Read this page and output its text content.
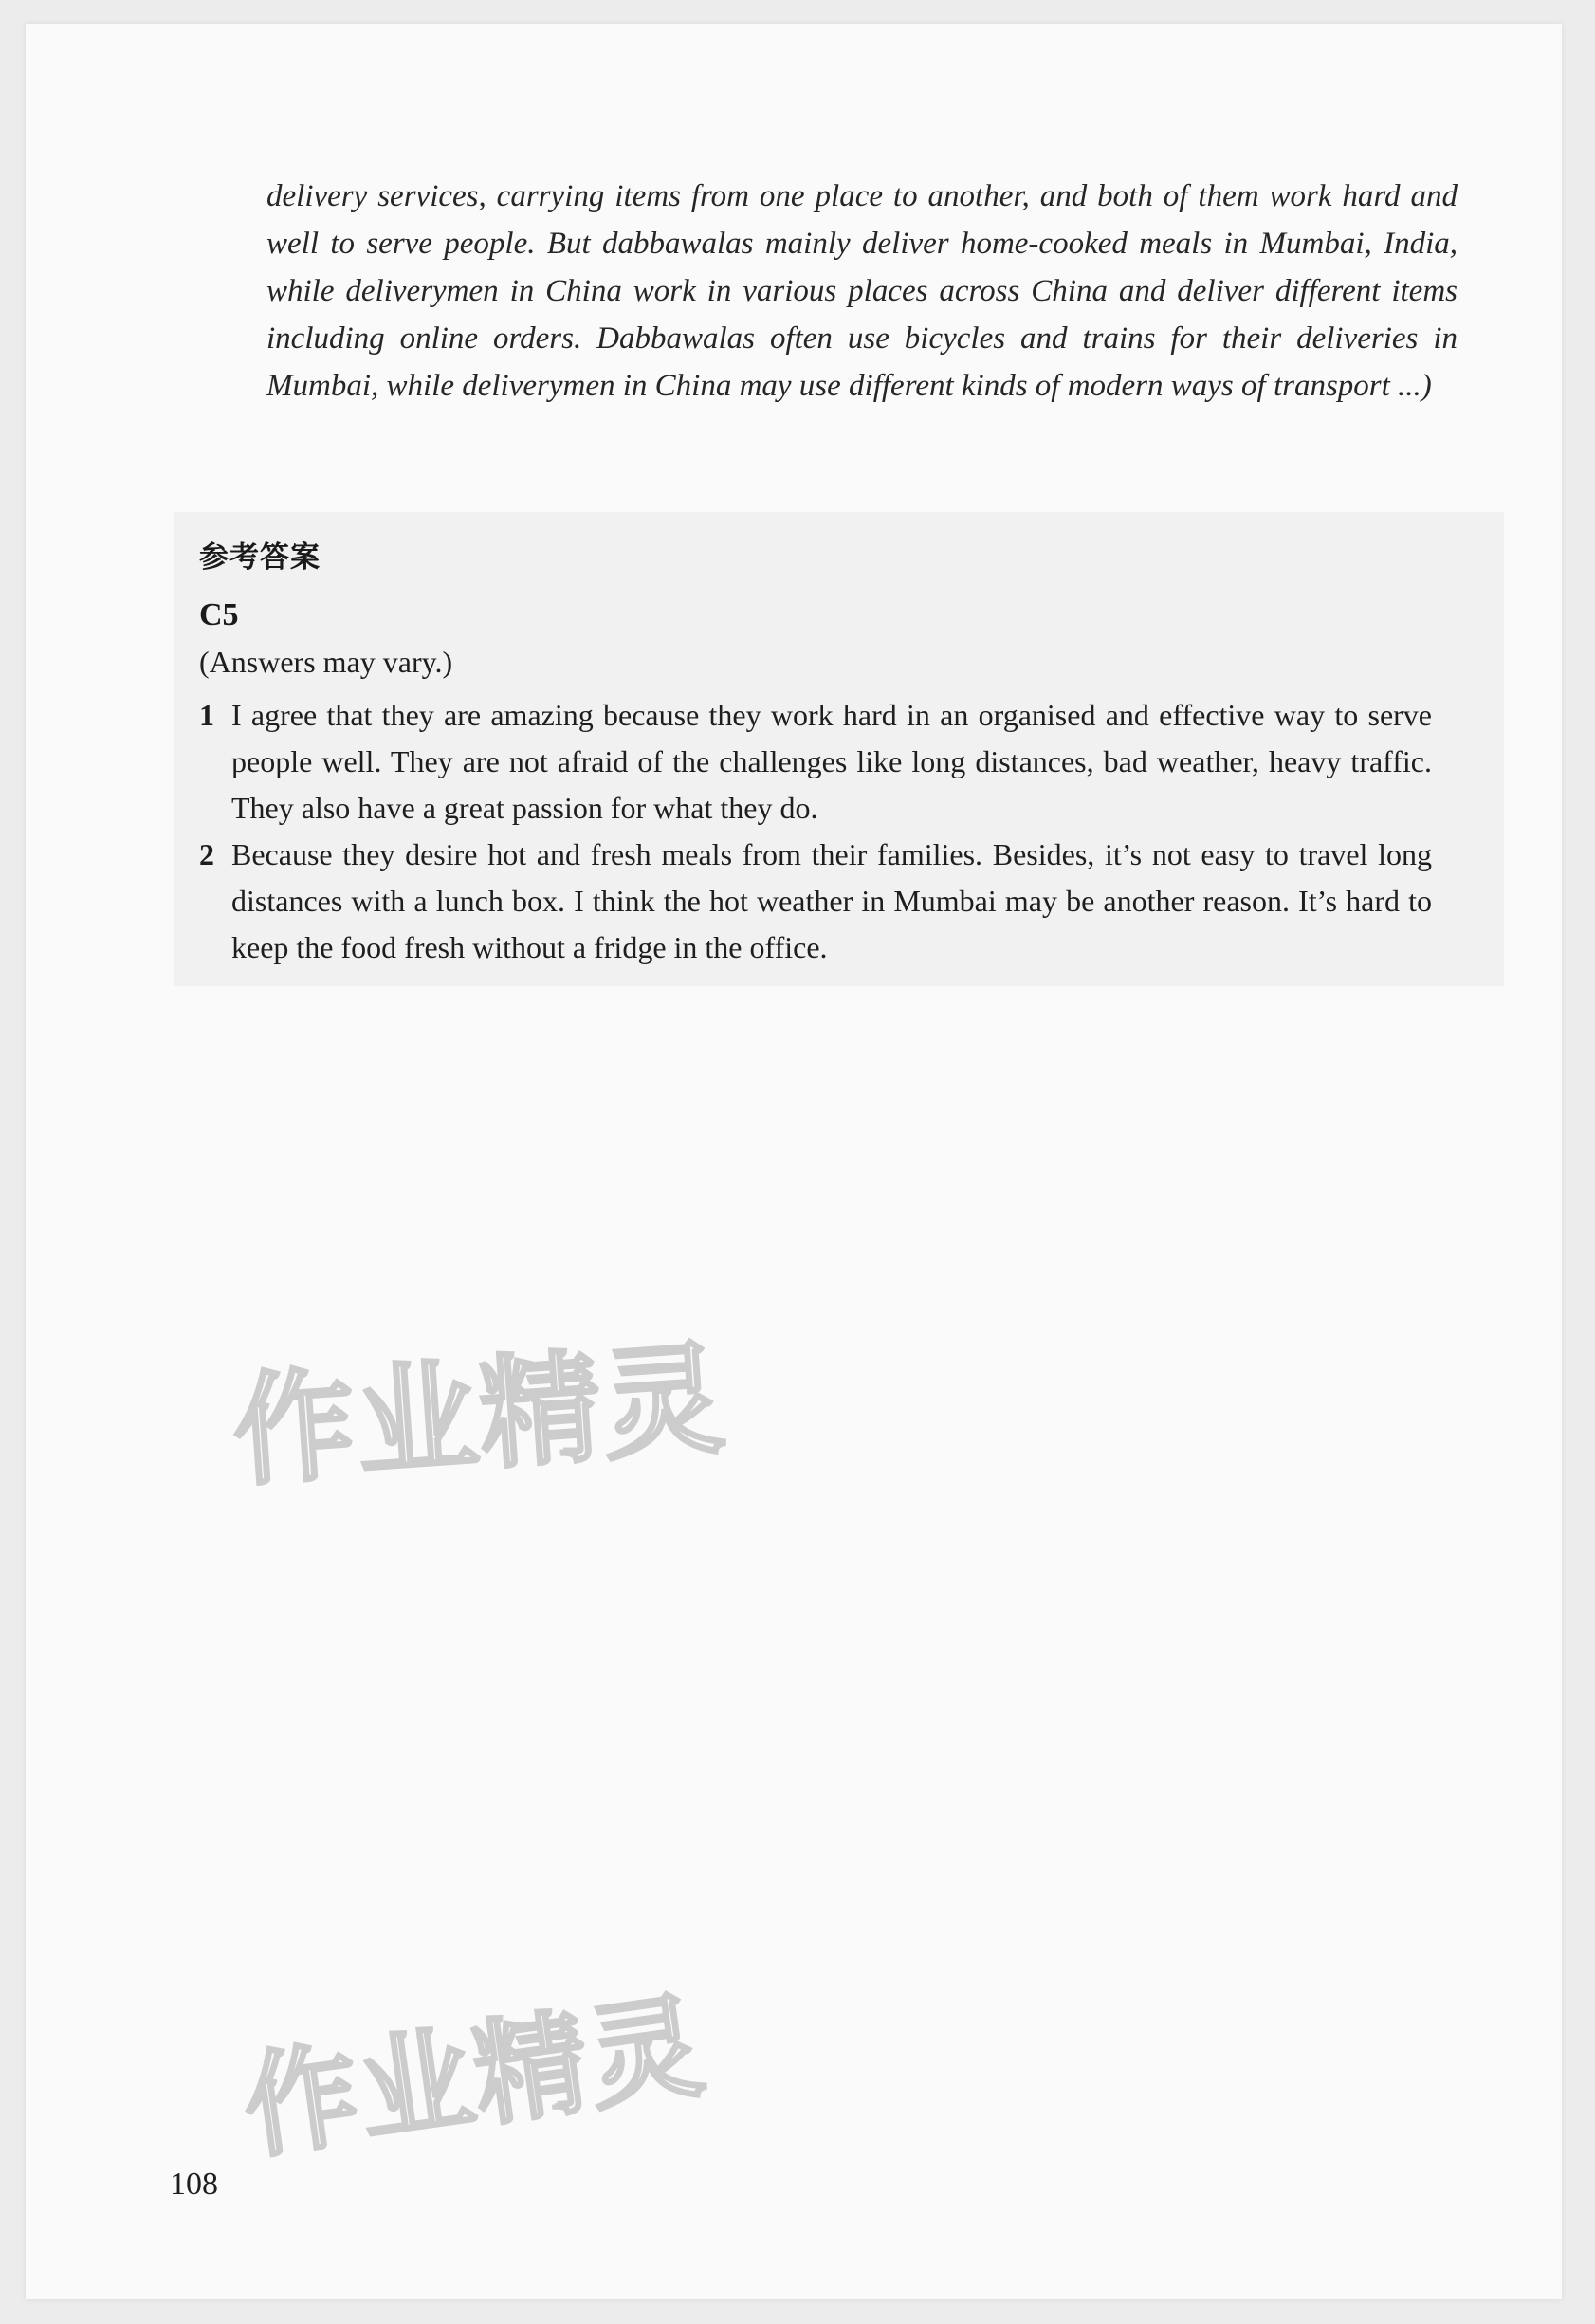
delivery services, carrying items from one place to another, and both of them work hard and well to serve people. But dabbawalas mainly deliver home-cooked meals in Mumbai, India, while deliverymen in China work in various places across China and deliver different items including online orders. Dabbawalas often use bicycles and trains for their deliveries in Mumbai, while deliverymen in China may use different kinds of modern ways of transport ...)

参考答案
C5
(Answers may vary.)
1 I agree that they are amazing because they work hard in an organised and effective way to serve people well. They are not afraid of the challenges like long distances, bad weather, heavy traffic. They also have a great passion for what they do.
2 Because they desire hot and fresh meals from their families. Besides, it’s not easy to travel long distances with a lunch box. I think the hot weather in Mumbai may be another reason. It’s hard to keep the food fresh without a fridge in the office.
作业精灵
作业精灵
108
